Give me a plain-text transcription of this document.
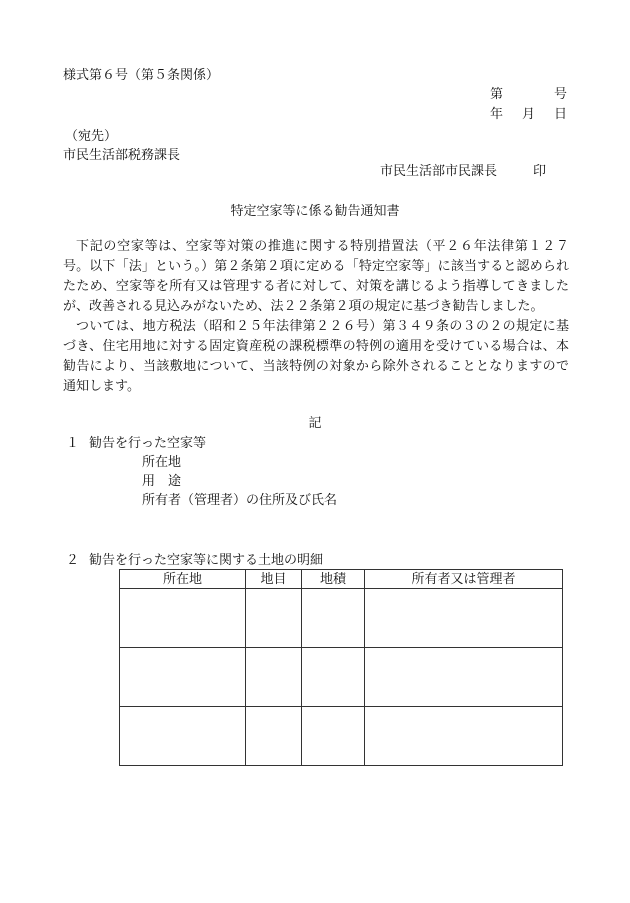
様式第６号（第５条関係）
第	号
年 月 日
（宛先）
市民生活部税務課長
市民生活部市民課長	印
特定空家等に係る勧告通知書

下記の空家等は、空家等対策の推進に関する特別措置法（平２６年法律第１２７号。以下「法」という。）第２条第２項に定める「特定空家等」に該当すると認められたため、空家等を所有又は管理する者に対して、対策を講じるよう指導してきましたが、改善される見込みがないため、法２２条第２項の規定に基づき勧告しました。

ついては、地方税法（昭和２５年法律第２２６号）第３４９条の３の２の規定に基づき、住宅用地に対する固定資産税の課税標準の特例の適用を受けている場合は、本勧告により、当該敷地について、当該特例の対象から除外されることとなりますので通知します。

記
１ 勧告を行った空家等
所在地
用　途
所有者（管理者）の住所及び氏名
２ 勧告を行った空家等に関する土地の明細
所在地	地目	地積	所有者又は管理者
